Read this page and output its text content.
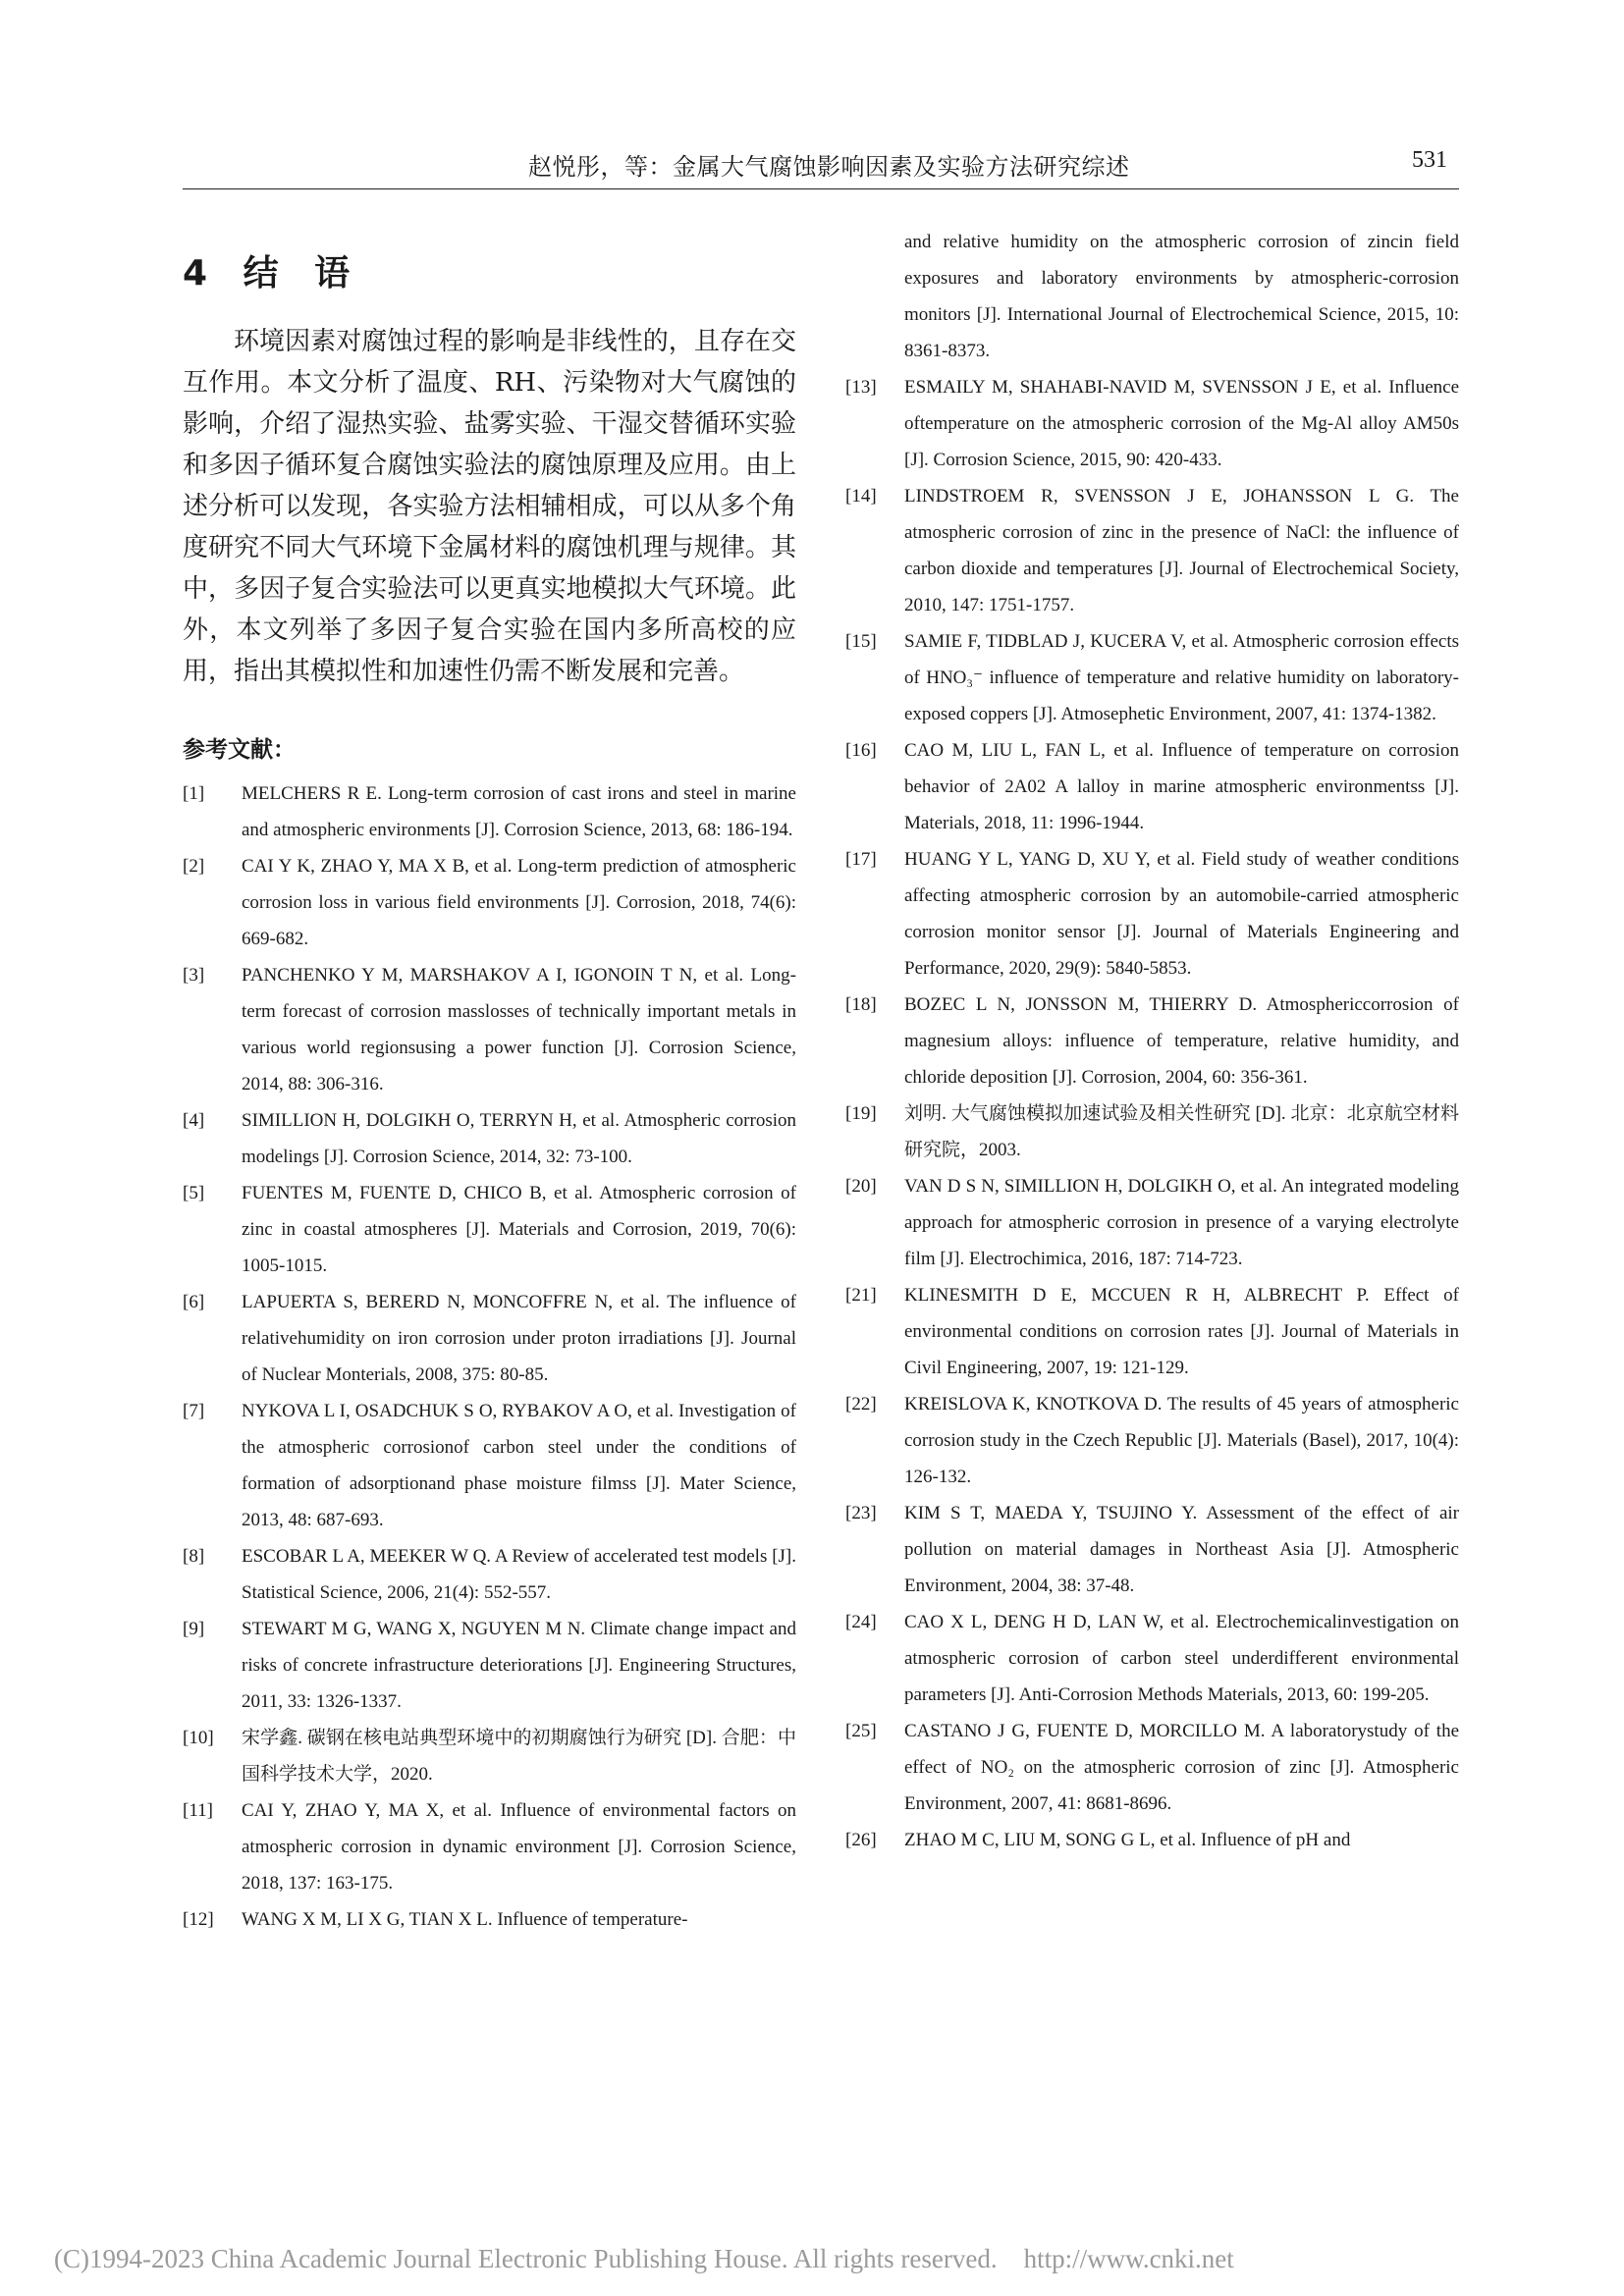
赵悦彤，等：金属大气腐蚀影响因素及实验方法研究综述	531
4 结 语

环境因素对腐蚀过程的影响是非线性的，且存在交互作用。本文分析了温度、RH、污染物对大气腐蚀的影响，介绍了湿热实验、盐雾实验、干湿交替循环实验和多因子循环复合腐蚀实验法的腐蚀原理及应用。由上述分析可以发现，各实验方法相辅相成，可以从多个角度研究不同大气环境下金属材料的腐蚀机理与规律。其中，多因子复合实验法可以更真实地模拟大气环境。此外，本文列举了多因子复合实验在国内多所高校的应用，指出其模拟性和加速性仍需不断发展和完善。

参考文献：
[1]	MELCHERS R E. Long-term corrosion of cast irons and steel in marine and atmospheric environments [J]. Corrosion Science, 2013, 68: 186-194.
[2]	CAI Y K, ZHAO Y, MA X B, et al. Long-term prediction of atmospheric corrosion loss in various field environments [J]. Corrosion, 2018, 74(6): 669-682.
[3]	PANCHENKO Y M, MARSHAKOV A I, IGONOIN T N, et al. Long-term forecast of corrosion masslosses of technically important metals in various world regionsusing a power function [J]. Corrosion Science, 2014, 88: 306-316.
[4]	SIMILLION H, DOLGIKH O, TERRYN H, et al. Atmospheric corrosion modelings [J]. Corrosion Science, 2014, 32: 73-100.
[5]	FUENTES M, FUENTE D, CHICO B, et al. Atmospheric corrosion of zinc in coastal atmospheres [J]. Materials and Corrosion, 2019, 70(6): 1005-1015.
[6]	LAPUERTA S, BERERD N, MONCOFFRE N, et al. The influence of relativehumidity on iron corrosion under proton irradiations [J]. Journal of Nuclear Monterials, 2008, 375: 80-85.
[7]	NYKOVA L I, OSADCHUK S O, RYBAKOV A O, et al. Investigation of the atmospheric corrosionof carbon steel under the conditions of formation of adsorptionand phase moisture filmss [J]. Mater Science, 2013, 48: 687-693.
[8]	ESCOBAR L A, MEEKER W Q. A Review of accelerated test models [J]. Statistical Science, 2006, 21(4): 552-557.
[9]	STEWART M G, WANG X, NGUYEN M N. Climate change impact and risks of concrete infrastructure deteriorations [J]. Engineering Structures, 2011, 33: 1326-1337.
[10]	宋学鑫. 碳钢在核电站典型环境中的初期腐蚀行为研究 [D]. 合肥：中国科学技术大学，2020.
[11]	CAI Y, ZHAO Y, MA X, et al. Influence of environmental factors on atmospheric corrosion in dynamic environment [J]. Corrosion Science, 2018, 137: 163-175.
[12]	WANG X M, LI X G, TIAN X L. Influence of temperature-
and relative humidity on the atmospheric corrosion of zincin field exposures and laboratory environments by atmospheric-corrosion monitors [J]. International Journal of Electrochemical Science, 2015, 10: 8361-8373.
[13]	ESMAILY M, SHAHABI-NAVID M, SVENSSON J E, et al. Influence oftemperature on the atmospheric corrosion of the Mg-Al alloy AM50s [J]. Corrosion Science, 2015, 90: 420-433.
[14]	LINDSTROEM R, SVENSSON J E, JOHANSSON L G. The atmospheric corrosion of zinc in the presence of NaCl: the influence of carbon dioxide and temperatures [J]. Journal of Electrochemical Society, 2010, 147: 1751-1757.
[15]	SAMIE F, TIDBLAD J, KUCERA V, et al. Atmospheric corrosion effects of HNO₃⁻ influence of temperature and relative humidity on laboratory-exposed coppers [J]. Atmosephetic Environment, 2007, 41: 1374-1382.
[16]	CAO M, LIU L, FAN L, et al. Influence of temperature on corrosion behavior of 2A02 A lalloy in marine atmospheric environmentss [J]. Materials, 2018, 11: 1996-1944.
[17]	HUANG Y L, YANG D, XU Y, et al. Field study of weather conditions affecting atmospheric corrosion by an automobile-carried atmospheric corrosion monitor sensor [J]. Journal of Materials Engineering and Performance, 2020, 29(9): 5840-5853.
[18]	BOZEC L N, JONSSON M, THIERRY D. Atmosphericcorrosion of magnesium alloys: influence of temperature, relative humidity, and chloride deposition [J]. Corrosion, 2004, 60: 356-361.
[19]	刘明. 大气腐蚀模拟加速试验及相关性研究 [D]. 北京：北京航空材料研究院，2003.
[20]	VAN D S N, SIMILLION H, DOLGIKH O, et al. An integrated modeling approach for atmospheric corrosion in presence of a varying electrolyte film [J]. Electrochimica, 2016, 187: 714-723.
[21]	KLINESMITH D E, MCCUEN R H, ALBRECHT P. Effect of environmental conditions on corrosion rates [J]. Journal of Materials in Civil Engineering, 2007, 19: 121-129.
[22]	KREISLOVA K, KNOTKOVA D. The results of 45 years of atmospheric corrosion study in the Czech Republic [J]. Materials (Basel), 2017, 10(4): 126-132.
[23]	KIM S T, MAEDA Y, TSUJINO Y. Assessment of the effect of air pollution on material damages in Northeast Asia [J]. Atmospheric Environment, 2004, 38: 37-48.
[24]	CAO X L, DENG H D, LAN W, et al. Electrochemicalinvestigation on atmospheric corrosion of carbon steel underdifferent environmental parameters [J]. Anti-Corrosion Methods Materials, 2013, 60: 199-205.
[25]	CASTANO J G, FUENTE D, MORCILLO M. A laboratorystudy of the effect of NO₂ on the atmospheric corrosion of zinc [J]. Atmospheric Environment, 2007, 41: 8681-8696.
[26]	ZHAO M C, LIU M, SONG G L, et al. Influence of pH and
(C)1994-2023 China Academic Journal Electronic Publishing House. All rights reserved.    http://www.cnki.net
